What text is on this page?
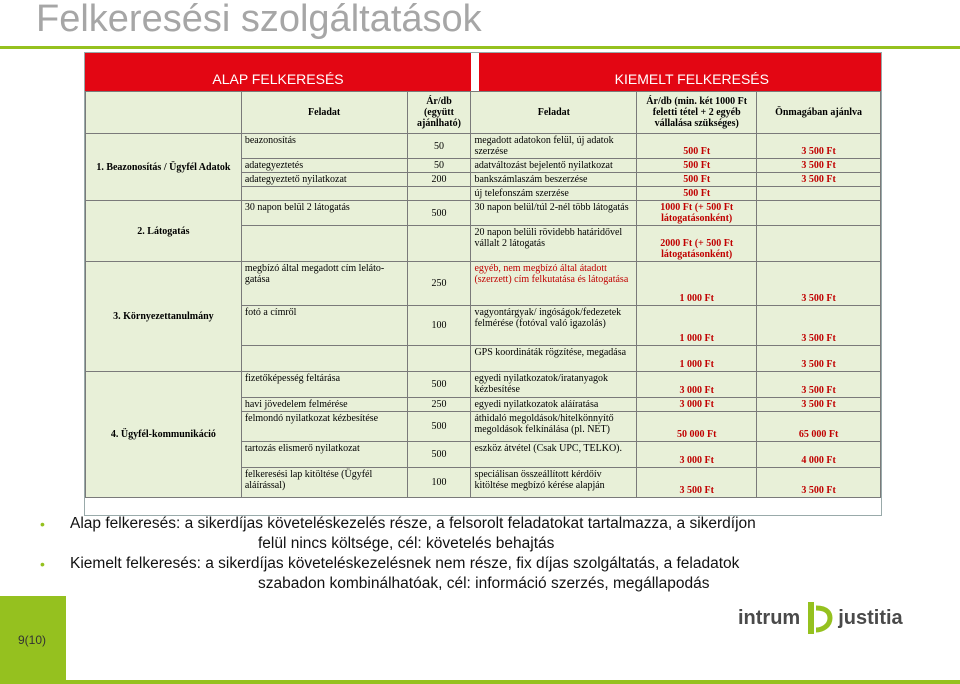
Felkeresési szolgáltatások
ALAP FELKERESÉS	KIEMELT FELKERESÉS
	Feladat	Ár/db (együtt ajánlható)	Feladat	Ár/db (min. két 1000 Ft feletti tétel + 2 egyéb vállalása szükséges)	Önmagában ajánlva
1. Beazonosítás / Ügyfél Adatok	beazonosítás	50	megadott adatokon felül, új adatok szerzése	500 Ft	3 500 Ft
	adategyeztetés	50	adatváltozást bejelentő nyilatkozat	500 Ft	3 500 Ft
	adategyeztető nyilatkozat	200	bankszámlaszám beszerzése	500 Ft	3 500 Ft
			új telefonszám szerzése	500 Ft	
2. Látogatás	30 napon belül 2 látogatás	500	30 napon belül/túl 2-nél több látogatás	1000 Ft (+ 500 Ft látogatásonként)	
			20 napon belüli rövidebb határidővel vállalt 2 látogatás	2000 Ft (+ 500 Ft látogatásonként)	
3. Környezettanulmány	megbízó által megadott cím lelátogatása	250	egyéb, nem megbízó által átadott (szerzett) cím felkutatása és látogatása	1 000 Ft	3 500 Ft
	fotó a címről	100	vagyontárgyak/ ingóságok/fedezetek felmérése (fotóval való igazolás)	1 000 Ft	3 500 Ft
			GPS koordináták rögzítése, megadása	1 000 Ft	3 500 Ft
4. Ügyfél-kommunikáció	fizetőképesség feltárása	500	egyedi nyilatkozatok/iratanyagok kézbesítése	3 000 Ft	3 500 Ft
	havi jövedelem felmérése	250	egyedi nyilatkozatok aláíratása	3 000 Ft	3 500 Ft
	felmondó nyilatkozat kézbesítése	500	áthidaló megoldások/hitelkönnyítő megoldások felkínálása (pl. NET)	50 000 Ft	65 000 Ft
	tartozás elismerő nyilatkozat	500	eszköz átvétel (Csak UPC, TELKO).	3 000 Ft	4 000 Ft
	felkeresési lap kitöltése (Ügyfél aláírással)	100	speciálisan összeállított kérdőív kitöltése megbízó kérése alapján	3 500 Ft	3 500 Ft
• Alap felkeresés: a sikerdíjas követeléskezelés része, a felsorolt feladatokat tartalmazza, a sikerdíjon
felül nincs költsége, cél: követelés behajtás
• Kiemelt felkeresés: a sikerdíjas követeléskezelésnek nem része, fix díjas szolgáltatás, a feladatok
szabadon kombinálhatóak, cél: információ szerzés, megállapodás
9(10)
intrum justitia
